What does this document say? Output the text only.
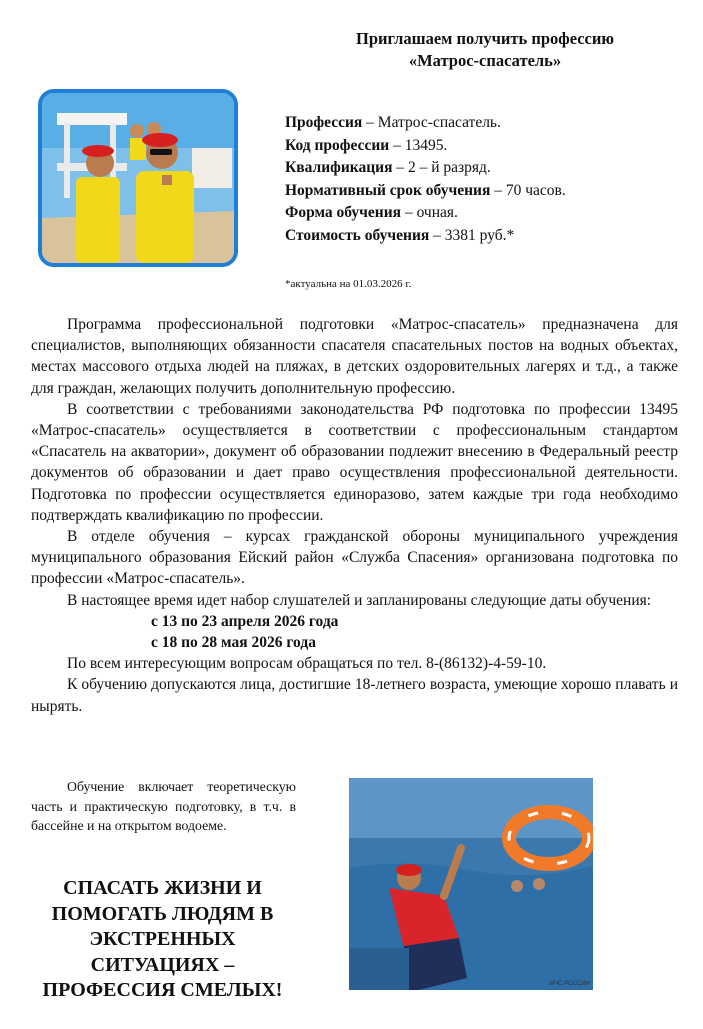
Приглашаем получить профессию
«Матрос-спасатель»
Профессия – Матрос-спасатель.
Код профессии – 13495.
Квалификация – 2 – й разряд.
Нормативный срок обучения – 70 часов.
Форма обучения – очная.
Стоимость обучения – 3381 руб.*
*актуальна на 01.03.2026 г.

Программа профессиональной подготовки «Матрос-спасатель» предназначена для специалистов, выполняющих обязанности спасателя спасательных постов на водных объектах, местах массового отдыха людей на пляжах, в детских оздоровительных лагерях и т.д., а также для граждан, желающих получить дополнительную профессию.

В соответствии с требованиями законодательства РФ подготовка по профессии 13495 «Матрос-спасатель» осуществляется в соответствии с профессиональным стандартом «Спасатель на акватории», документ об образовании подлежит внесению в Федеральный реестр документов об образовании и дает право осуществления профессиональной деятельности. Подготовка по профессии осуществляется единоразово, затем каждые три года необходимо подтверждать квалификацию по профессии.

В отделе обучения – курсах гражданской обороны муниципального учреждения муниципального образования Ейский район «Служба Спасения» организована подготовка по профессии «Матрос-спасатель».

В настоящее время идет набор слушателей и запланированы следующие даты обучения:

с 13 по 23 апреля 2026 года
с 18 по 28 мая 2026 года

По всем интересующим вопросам обращаться по тел. 8-(86132)-4-59-10.

К обучению допускаются лица, достигшие 18-летнего возраста, умеющие хорошо плавать и нырять.

Обучение включает теоретическую часть и практическую подготовку, в т.ч. в бассейне и на открытом водоеме.
СПАСАТЬ ЖИЗНИ И
ПОМОГАТЬ ЛЮДЯМ В
ЭКСТРЕННЫХ
СИТУАЦИЯХ –
ПРОФЕССИЯ СМЕЛЫХ!	МЧС РОССИИ
